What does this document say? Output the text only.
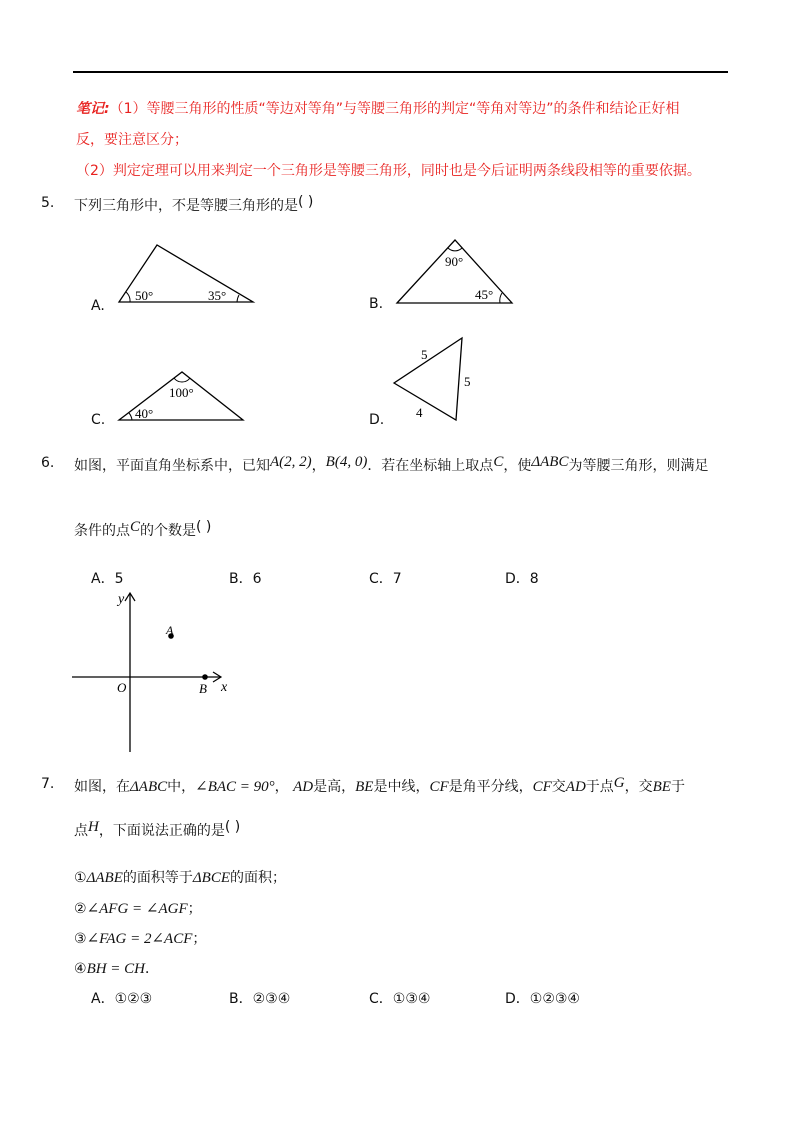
笔记:（1）等腰三角形的性质“等边对等角”与等腰三角形的判定“等角对等边”的条件和结论正好相
反，要注意区分；
（2）判定定理可以用来判定一个三角形是等腰三角形，同时也是今后证明两条线段相等的重要依据。
5. 下列三角形中，不是等腰三角形的是( )
A.
50°	35°
B.
90°
45°
C.
100°
40°	D.
5
5
4
6. 如图，平面直角坐标系中，已知A(2, 2)，B(4, 0)．若在坐标轴上取点C，使ΔABC为等腰三角形，则满足
条件的点C的个数是( )
A．5	B．6	C．7	D．8
y
x
O
A
B
7. 如图，在ΔABC中，∠BAC = 90°， AD是高，BE是中线，CF是角平分线，CF交AD于点G，交BE于
点H，下面说法正确的是( )
①ΔABE的面积等于ΔBCE的面积；
②∠AFG = ∠AGF；
③∠FAG = 2∠ACF；
④BH = CH．
A．①②③	B．②③④	C．①③④	D．①②③④
